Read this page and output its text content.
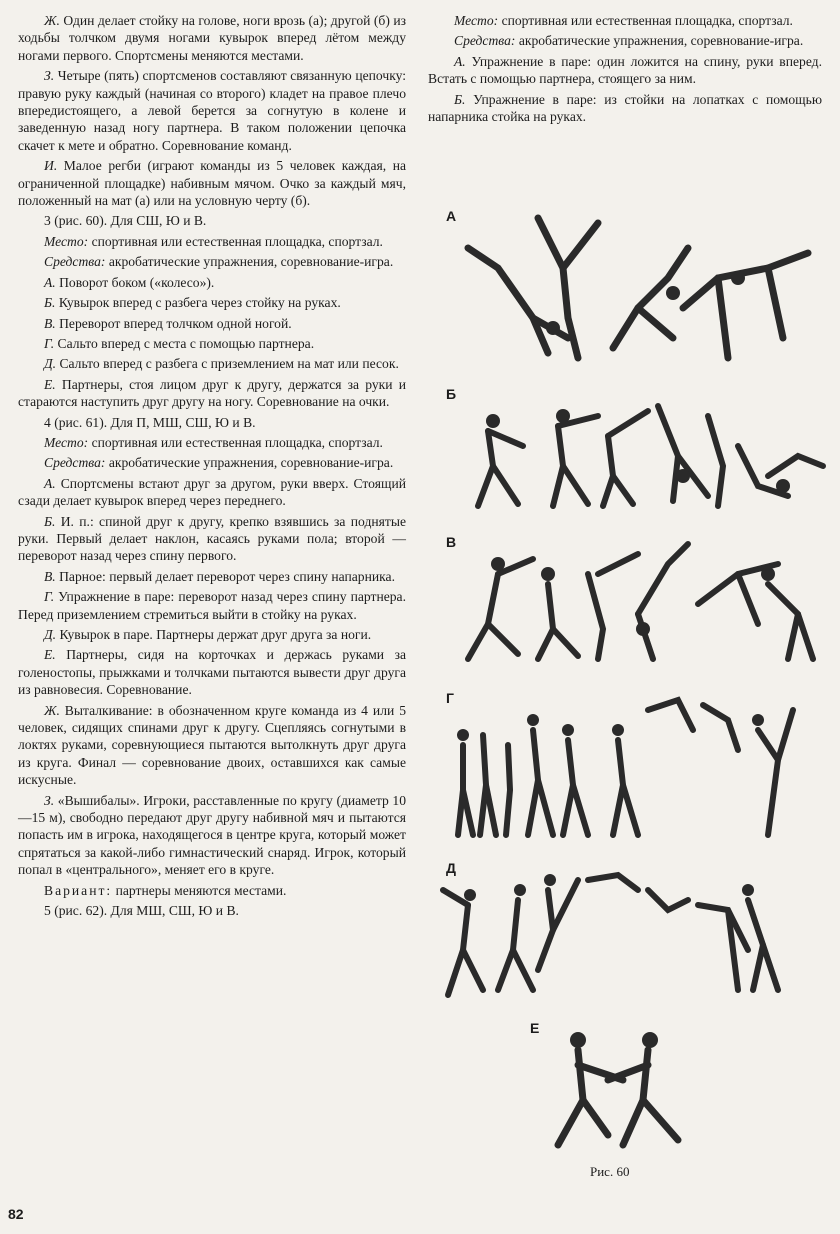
Ж. Один делает стойку на голове, ноги врозь (а); другой (б) из ходьбы толчком двумя ногами кувырок вперед лётом между ногами первого. Спортсмены меняются местами.

З. Четыре (пять) спортсменов составляют связанную цепочку: правую руку каждый (начиная со второго) кладет на правое плечо впередистоящего, а левой берется за согнутую в колене и заведенную назад ногу партнера. В таком положении цепочка скачет к мете и обратно. Соревнование команд.

И. Малое регби (играют команды из 5 человек каждая, на ограниченной площадке) набивным мячом. Очко за каждый мяч, положенный на мат (а) или на условную черту (б).

3 (рис. 60). Для СШ, Ю и В.

Место: спортивная или естественная площадка, спортзал.

Средства: акробатические упражнения, соревнование-игра.

А. Поворот боком («колесо»).

Б. Кувырок вперед с разбега через стойку на руках.

В. Переворот вперед толчком одной ногой.

Г. Сальто вперед с места с помощью партнера.

Д. Сальто вперед с разбега с приземлением на мат или песок.

Е. Партнеры, стоя лицом друг к другу, держатся за руки и стараются наступить друг другу на ногу. Соревнование на очки.

4 (рис. 61). Для П, МШ, СШ, Ю и В.

Место: спортивная или естественная площадка, спортзал.

Средства: акробатические упражнения, соревнование-игра.

А. Спортсмены встают друг за другом, руки вверх. Стоящий сзади делает кувырок вперед через переднего.

Б. И. п.: спиной друг к другу, крепко взявшись за поднятые руки. Первый делает наклон, касаясь руками пола; второй — переворот назад через спину первого.

В. Парное: первый делает переворот через спину напарника.

Г. Упражнение в паре: переворот назад через спину партнера. Перед приземлением стремиться выйти в стойку на руках.

Д. Кувырок в паре. Партнеры держат друг друга за ноги.

Е. Партнеры, сидя на корточках и держась руками за голеностопы, прыжками и толчками пытаются вывести друг друга из равновесия. Соревнование.

Ж. Выталкивание: в обозначенном круге команда из 4 или 5 человек, сидящих спинами друг к другу. Сцепляясь согнутыми в локтях руками, соревнующиеся пытаются вытолкнуть друг друга из круга. Финал — соревнование двоих, оставшихся как самые искусные.

З. «Вышибалы». Игроки, расставленные по кругу (диаметр 10—15 м), свободно передают друг другу набивной мяч и пытаются попасть им в игрока, находящегося в центре круга, который может спрятаться за какой-либо гимнастический снаряд. Игрок, который попал в «центрального», меняет его в круге.

Вариант: партнеры меняются местами.

5 (рис. 62). Для МШ, СШ, Ю и В.

Место: спортивная или естественная площадка, спортзал.

Средства: акробатические упражнения, соревнование-игра.

А. Упражнение в паре: один ложится на спину, руки вперед. Встать с помощью партнера, стоящего за ним.

Б. Упражнение в паре: из стойки на лопатках с помощью напарника стойка на руках.

А
Б
В
Г
Д
Е
Рис. 60
82
